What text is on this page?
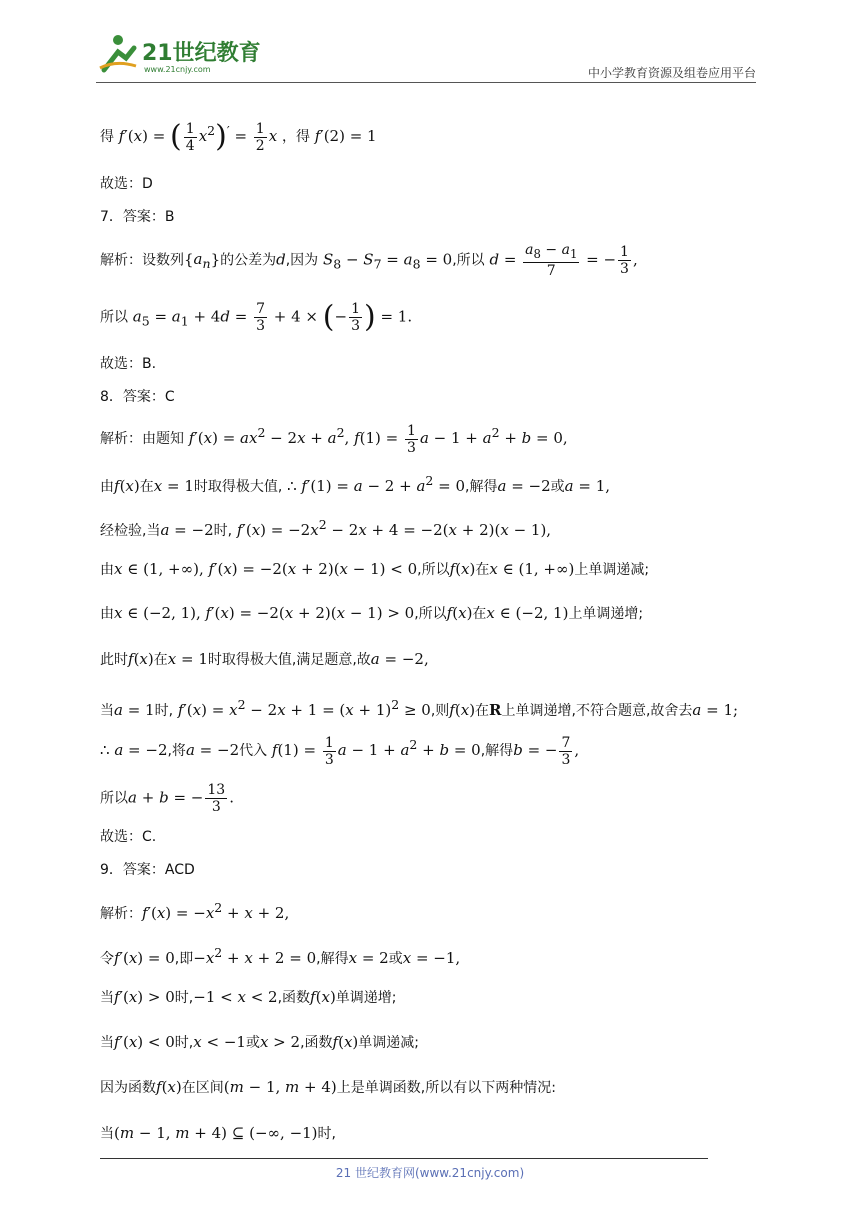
21世纪教育
www.21cnjy.com	中小学教育资源及组卷应用平台
得 f′(x) = ( $\frac{1}{4} x^2)' = \frac{1}{2}$ x ，得 f′(2) = 1
故选：D
7．答案：B
解析：设数列$\{a_n\}$的公差为d,因为 $S_8 - S_7 = a_8 = 0$,所以 $d = \frac{a_8 - a_1}{7}$ = − $\frac{1}{3}$ ,
所以 $a_5 = a_1 + 4d = \frac{7}{3} + 4$ × (− $\frac{1}{3}$ ) = 1.
故选：B.
8．答案：C
解析：由题知 $f'(x) = ax^2 - 2x + a^2$, $f(1) = \frac{1}{3}$ $a - 1 + a^2 + b = 0$,
由f(x)在x = 1时取得极大值, ∴ $f'(1) = a - 2 + a^2 = 0$,解得a = −2或a = 1,
经检验,当a = −2时, $f'(x) = -2x^2 - 2x + 4 = -2(x + 2)(x - 1)$,
由x ∈ (1, +∞), f′(x) = −2(x + 2)(x − 1) < 0,所以f(x)在x ∈ (1, +∞)上单调递减;
由x ∈ (−2, 1), f′(x) = −2(x + 2)(x − 1) > 0,所以f(x)在x ∈ (−2, 1)上单调递增;
此时f(x)在x = 1时取得极大值,满足题意,故a = −2,
当a = 1时, $f'(x) = x^2 - 2x + 1 = (x + 1)^2 \ge 0$,则f(x)在R上单调递增,不符合题意,故舍去a = 1;
∴ a = −2,将a = −2代入 $f(1) = \frac{1}{3}$ $a - 1 + a^2 + b = 0$,解得b = − $\frac{7}{3}$ ,
所以a + b = − $\frac{13}{3}$ .
故选：C.
9．答案：ACD
解析：$f'(x) = -x^2 + x + 2$,
令f′(x) = 0,即$-x^2 + x + 2 = 0$,解得x = 2或x = −1,
当f′(x) > 0时,−1 < x < 2,函数f(x)单调递增;
当f′(x) < 0时,x < −1或x > 2,函数f(x)单调递减;
因为函数f(x)在区间(m − 1, m + 4)上是单调函数,所以有以下两种情况:
当(m − 1, m + 4) ⊆ (−∞, −1)时,
21 世纪教育网(www.21cnjy.com)
